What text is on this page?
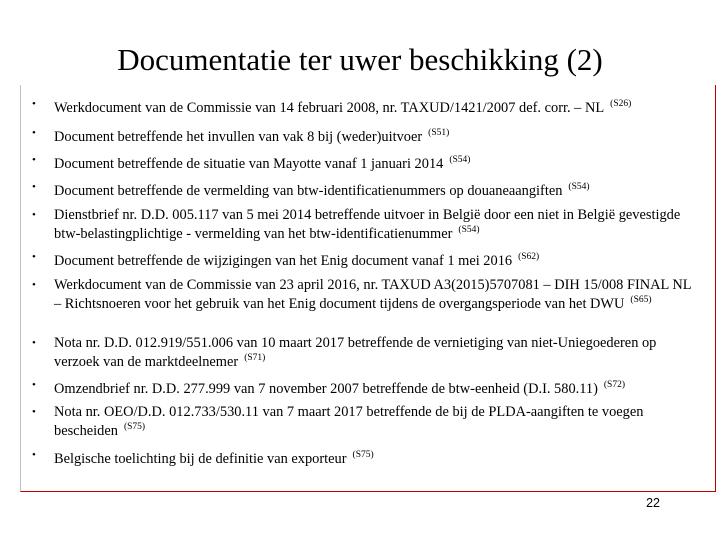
Documentatie ter uwer beschikking (2)
• Werkdocument van de Commissie van 14 februari 2008, nr. TAXUD/1421/2007 def. corr. – NL $^{(S26)}$
• Document betreffende het invullen van vak 8 bij (weder)uitvoer $^{(S51)}$
• Document betreffende de situatie van Mayotte vanaf 1 januari 2014 $^{(S54)}$
• Document betreffende de vermelding van btw-identificatienummers op douaneaangiften $^{(S54)}$
• Dienstbrief nr. D.D. 005.117 van 5 mei 2014 betreffende uitvoer in België door een niet in België gevestigde btw-belastingplichtige - vermelding van het btw-identificatienummer $^{(S54)}$
• Document betreffende de wijzigingen van het Enig document vanaf 1 mei 2016 $^{(S62)}$
• Werkdocument van de Commissie van 23 april 2016, nr. TAXUD A3(2015)5707081 – DIH 15/008 FINAL NL – Richtsnoeren voor het gebruik van het Enig document tijdens de overgangsperiode van het DWU $^{(S65)}$
• Nota nr. D.D. 012.919/551.006 van 10 maart 2017 betreffende de vernietiging van niet-Uniegoederen op verzoek van de marktdeelnemer $^{(S71)}$
• Omzendbrief nr. D.D. 277.999 van 7 november 2007 betreffende de btw-eenheid (D.I. 580.11) $^{(S72)}$
• Nota nr. OEO/D.D. 012.733/530.11 van 7 maart 2017 betreffende de bij de PLDA-aangiften te voegen bescheiden $^{(S75)}$
• Belgische toelichting bij de definitie van exporteur $^{(S75)}$
22
